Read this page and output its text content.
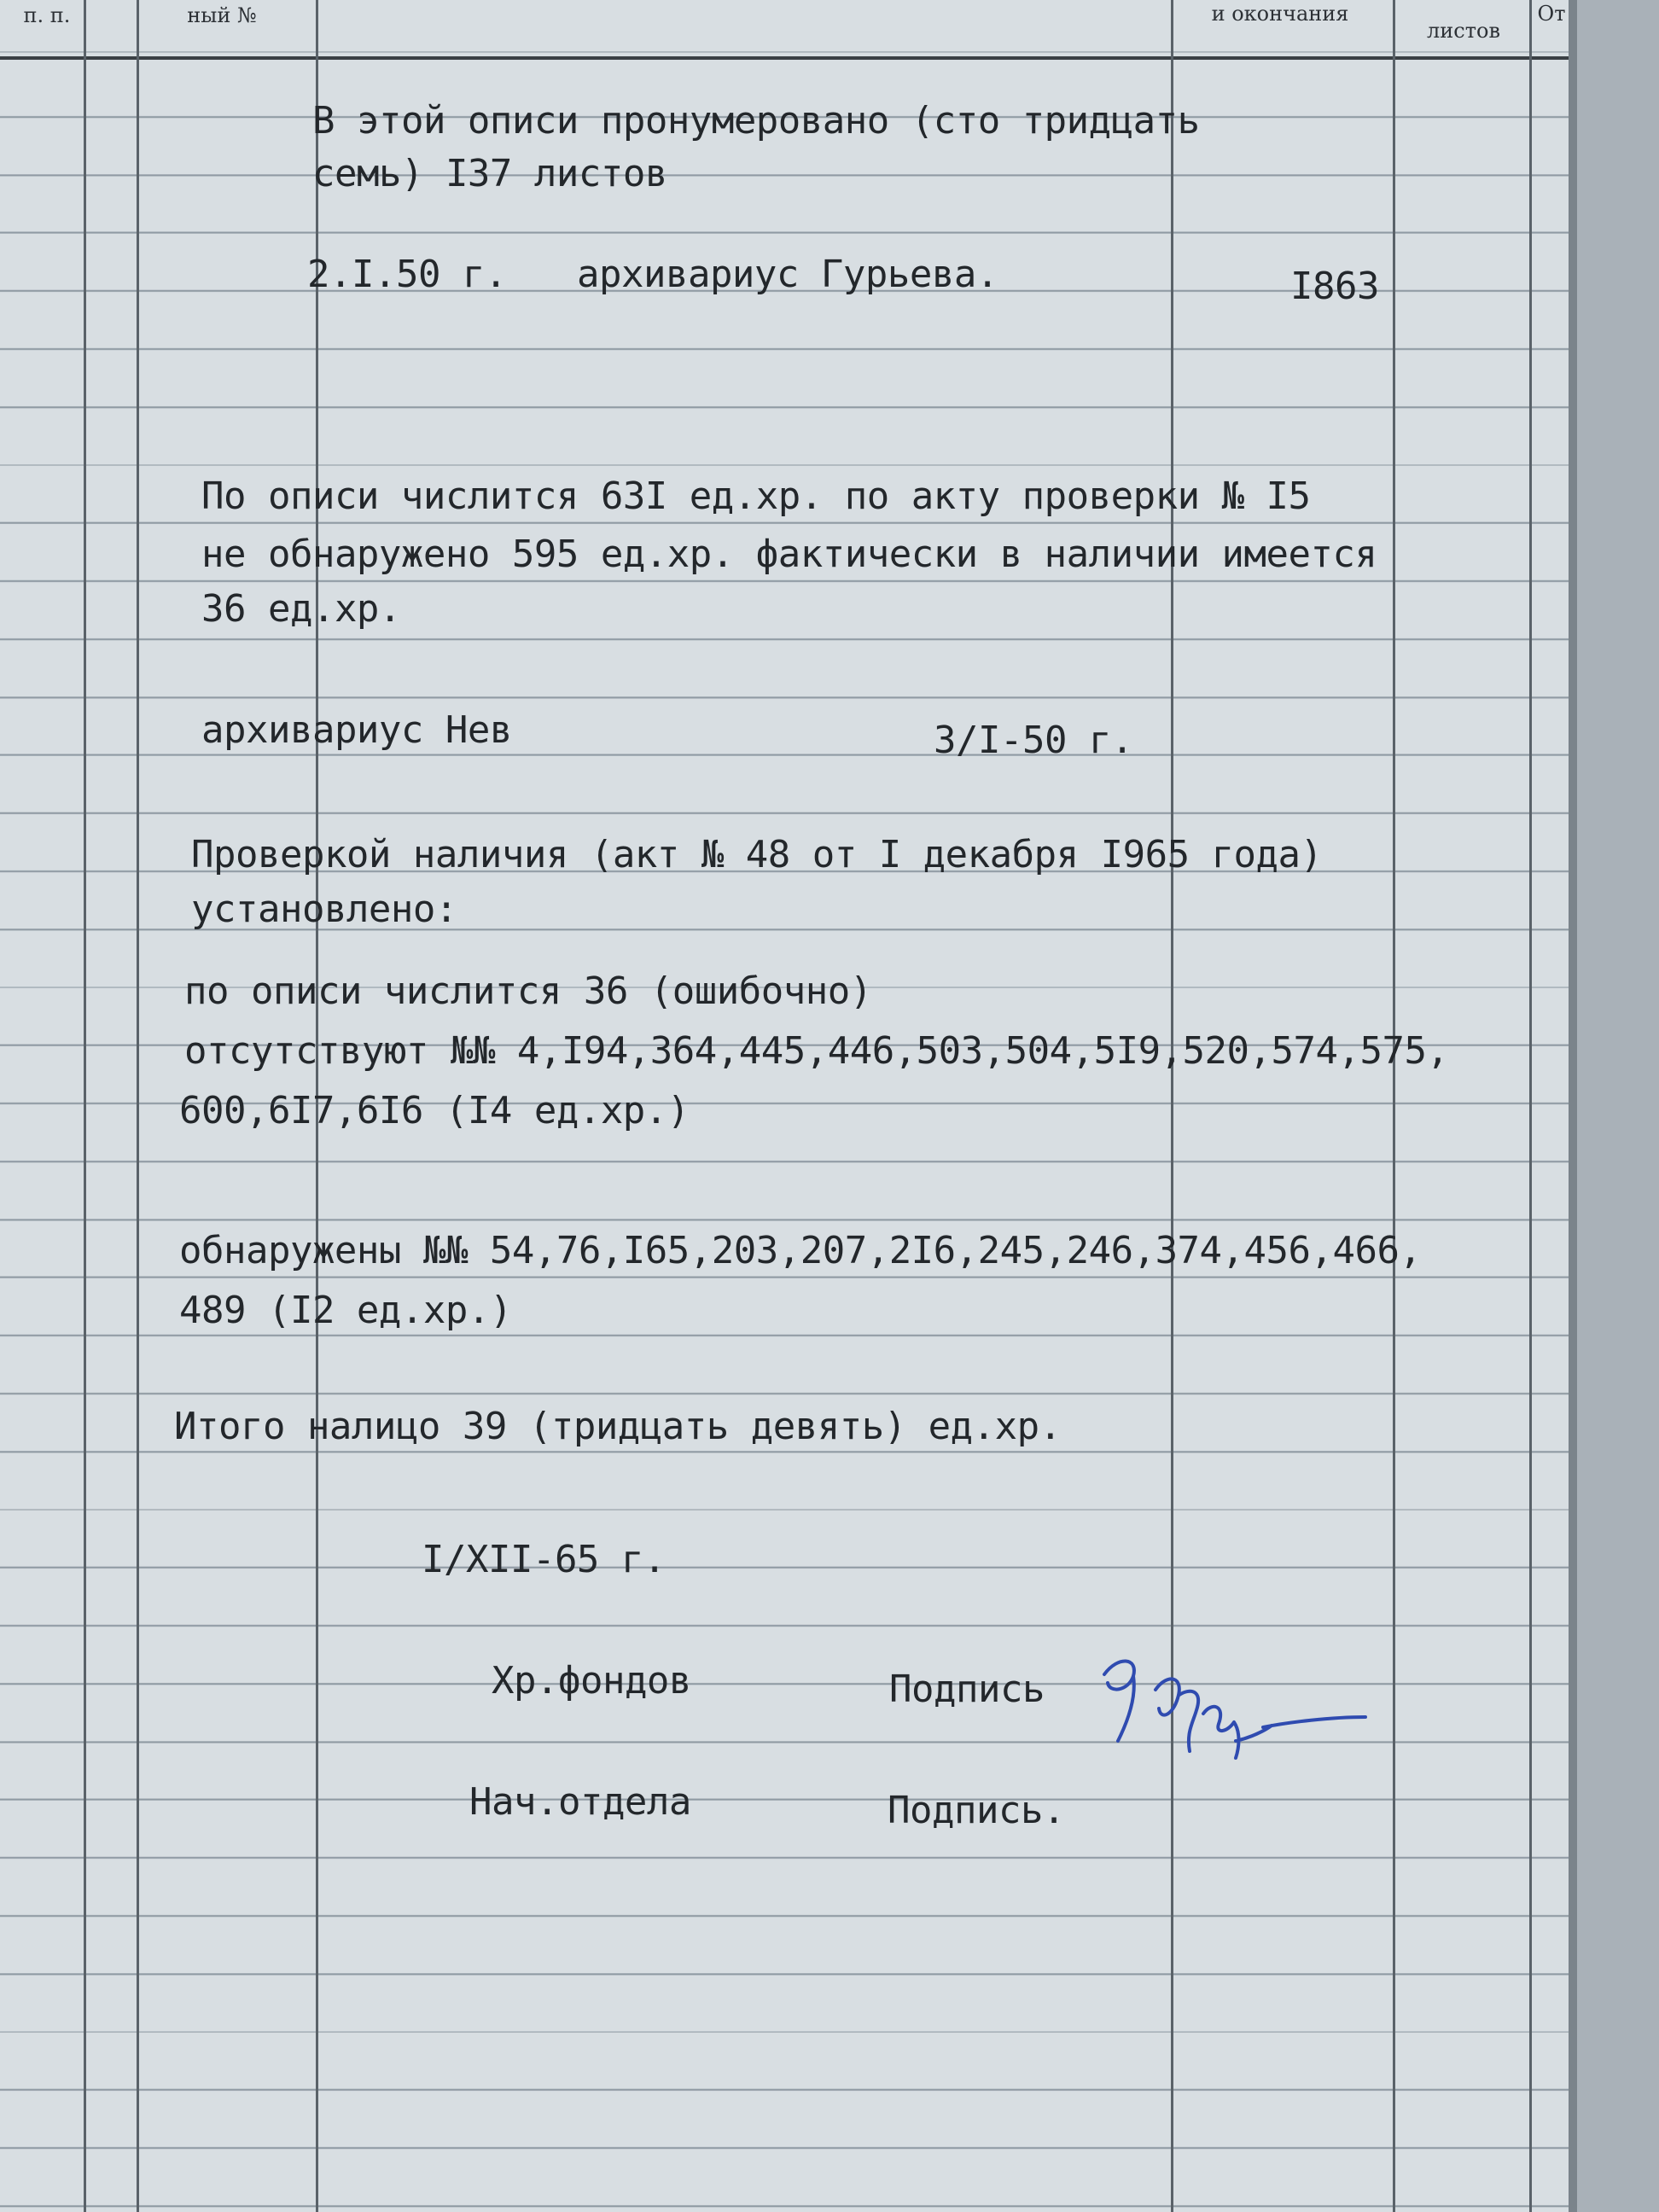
п. п.	ный №	и окончания
листов
От
В этой описи пронумеровано (сто тридцать
семь) I37 листов
2.I.50 г. архивариус Гурьева.	I863
По описи числится 63I ед.хр. по акту проверки № I5
не обнаружено 595 ед.хр. фактически в наличии имеется
36 ед.хр.
архивариус Нев	3/I-50 г.
Проверкой наличия (акт № 48 от I декабря I965 года)
установлено:
по описи числится 36 (ошибочно)
отсутствуют №№ 4,I94,364,445,446,503,504,5I9,520,574,575,
600,6I7,6I6 (I4 ед.хр.)
обнаружены №№ 54,76,I65,203,207,2I6,245,246,374,456,466,
489 (I2 ед.хр.)
Итого налицо 39 (тридцать девять) ед.хр.
I/XII-65 г.
Хр.фондов	Подпись
Нач.отдела	Подпись.
